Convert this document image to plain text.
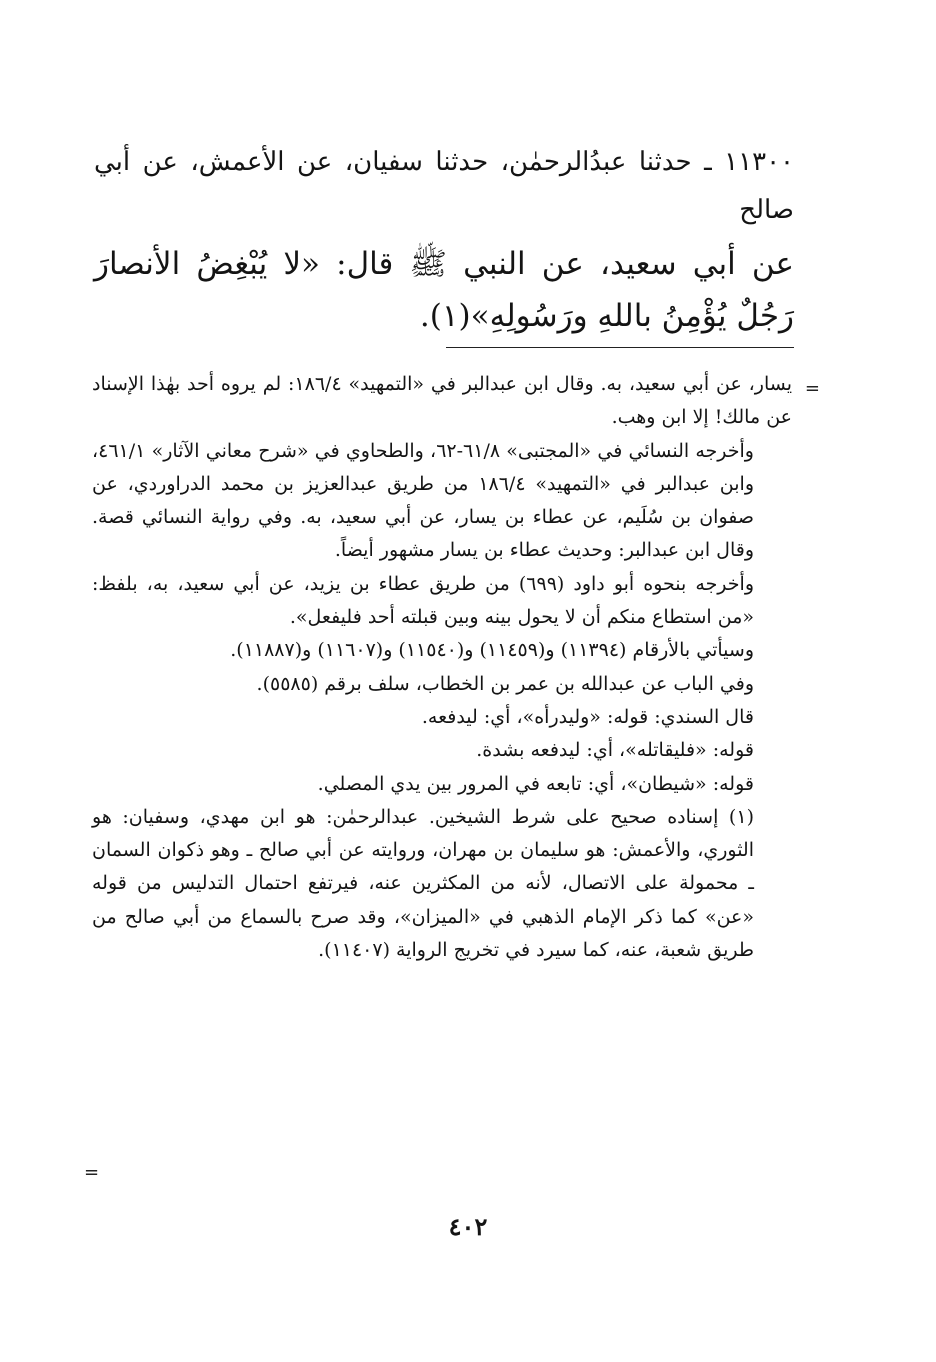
١١٣٠٠ ـ حدثنا عبدُالرحمٰن، حدثنا سفيان، عن الأعمش، عن أبي صالح
عن أبي سعيد، عن النبي ﷺ قال: «لا يُبْغِضُ الأنصارَ رَجُلٌ يُؤْمِنُ باللهِ ورَسُولِهِ»(١).
=

يسار، عن أبي سعيد، به. وقال ابن عبدالبر في «التمهيد» ١٨٦/٤: لم يروه أحد بهٰذا الإسناد عن مالك! إلا ابن وهب.

وأخرجه النسائي في «المجتبى» ٦١/٨-٦٢، والطحاوي في «شرح معاني الآثار» ٤٦١/١، وابن عبدالبر في «التمهيد» ١٨٦/٤ من طريق عبدالعزيز بن محمد الدراوردي، عن صفوان بن سُلَيم، عن عطاء بن يسار، عن أبي سعيد، به. وفي رواية النسائي قصة. وقال ابن عبدالبر: وحديث عطاء بن يسار مشهور أيضاً.

وأخرجه بنحوه أبو داود (٦٩٩) من طريق عطاء بن يزيد، عن أبي سعيد، به، بلفظ: «من استطاع منكم أن لا يحول بينه وبين قبلته أحد فليفعل».

وسيأتي بالأرقام (١١٣٩٤) و(١١٤٥٩) و(١١٥٤٠) و(١١٦٠٧) و(١١٨٨٧).
وفي الباب عن عبدالله بن عمر بن الخطاب، سلف برقم (٥٥٨٥).
قال السندي: قوله: «وليدرأه»، أي: ليدفعه.
قوله: «فليقاتله»، أي: ليدفعه بشدة.
قوله: «شيطان»، أي: تابعه في المرور بين يدي المصلي.

(١) إسناده صحيح على شرط الشيخين. عبدالرحمٰن: هو ابن مهدي، وسفيان: هو الثوري، والأعمش: هو سليمان بن مهران، وروايته عن أبي صالح ـ وهو ذكوان السمان ـ محمولة على الاتصال، لأنه من المكثرين عنه، فيرتفع احتمال التدليس من قوله «عن» كما ذكر الإمام الذهبي في «الميزان»، وقد صرح بالسماع من أبي صالح من طريق شعبة، عنه، كما سيرد في تخريج الرواية (١١٤٠٧).

=
٤٠٢
